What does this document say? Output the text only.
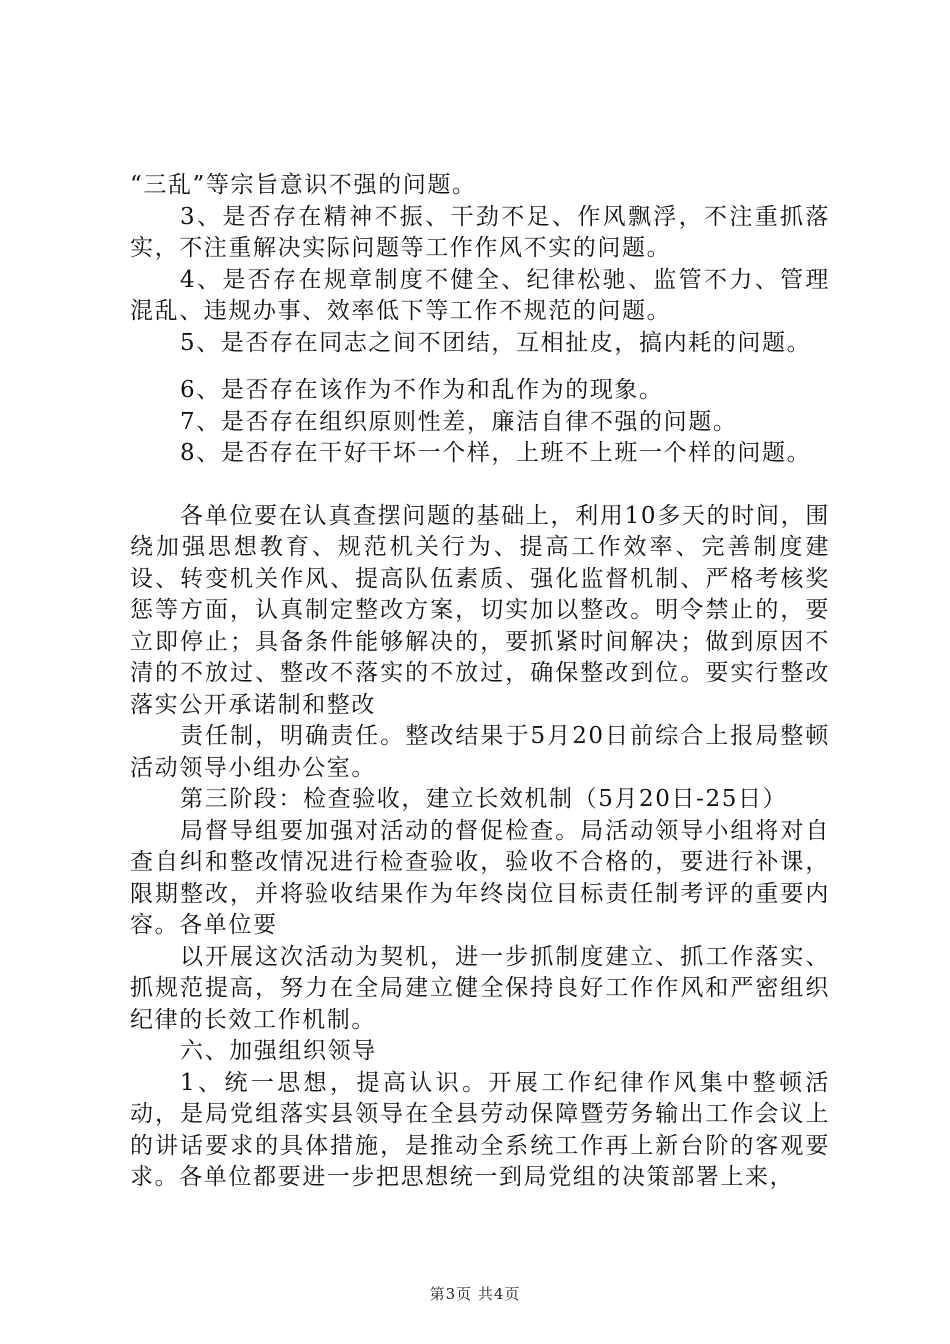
“三乱”等宗旨意识不强的问题。

3、是否存在精神不振、干劲不足、作风飘浮，不注重抓落实，不注重解决实际问题等工作作风不实的问题。

4、是否存在规章制度不健全、纪律松驰、监管不力、管理混乱、违规办事、效率低下等工作不规范的问题。

5、是否存在同志之间不团结，互相扯皮，搞内耗的问题。

6、是否存在该作为不作为和乱作为的现象。

7、是否存在组织原则性差，廉洁自律不强的问题。

8、是否存在干好干坏一个样，上班不上班一个样的问题。

各单位要在认真查摆问题的基础上，利用10多天的时间，围绕加强思想教育、规范机关行为、提高工作效率、完善制度建设、转变机关作风、提高队伍素质、强化监督机制、严格考核奖惩等方面，认真制定整改方案，切实加以整改。明令禁止的，要立即停止；具备条件能够解决的，要抓紧时间解决；做到原因不清的不放过、整改不落实的不放过，确保整改到位。要实行整改落实公开承诺制和整改

责任制，明确责任。整改结果于5月20日前综合上报局整顿活动领导小组办公室。

第三阶段：检查验收，建立长效机制（5月20日-25日）

局督导组要加强对活动的督促检查。局活动领导小组将对自查自纠和整改情况进行检查验收，验收不合格的，要进行补课，限期整改，并将验收结果作为年终岗位目标责任制考评的重要内容。各单位要

以开展这次活动为契机，进一步抓制度建立、抓工作落实、抓规范提高，努力在全局建立健全保持良好工作作风和严密组织纪律的长效工作机制。

六、加强组织领导

1、统一思想，提高认识。开展工作纪律作风集中整顿活动，是局党组落实县领导在全县劳动保障暨劳务输出工作会议上的讲话要求的具体措施，是推动全系统工作再上新台阶的客观要求。各单位都要进一步把思想统一到局党组的决策部署上来，

第3页 共4页
